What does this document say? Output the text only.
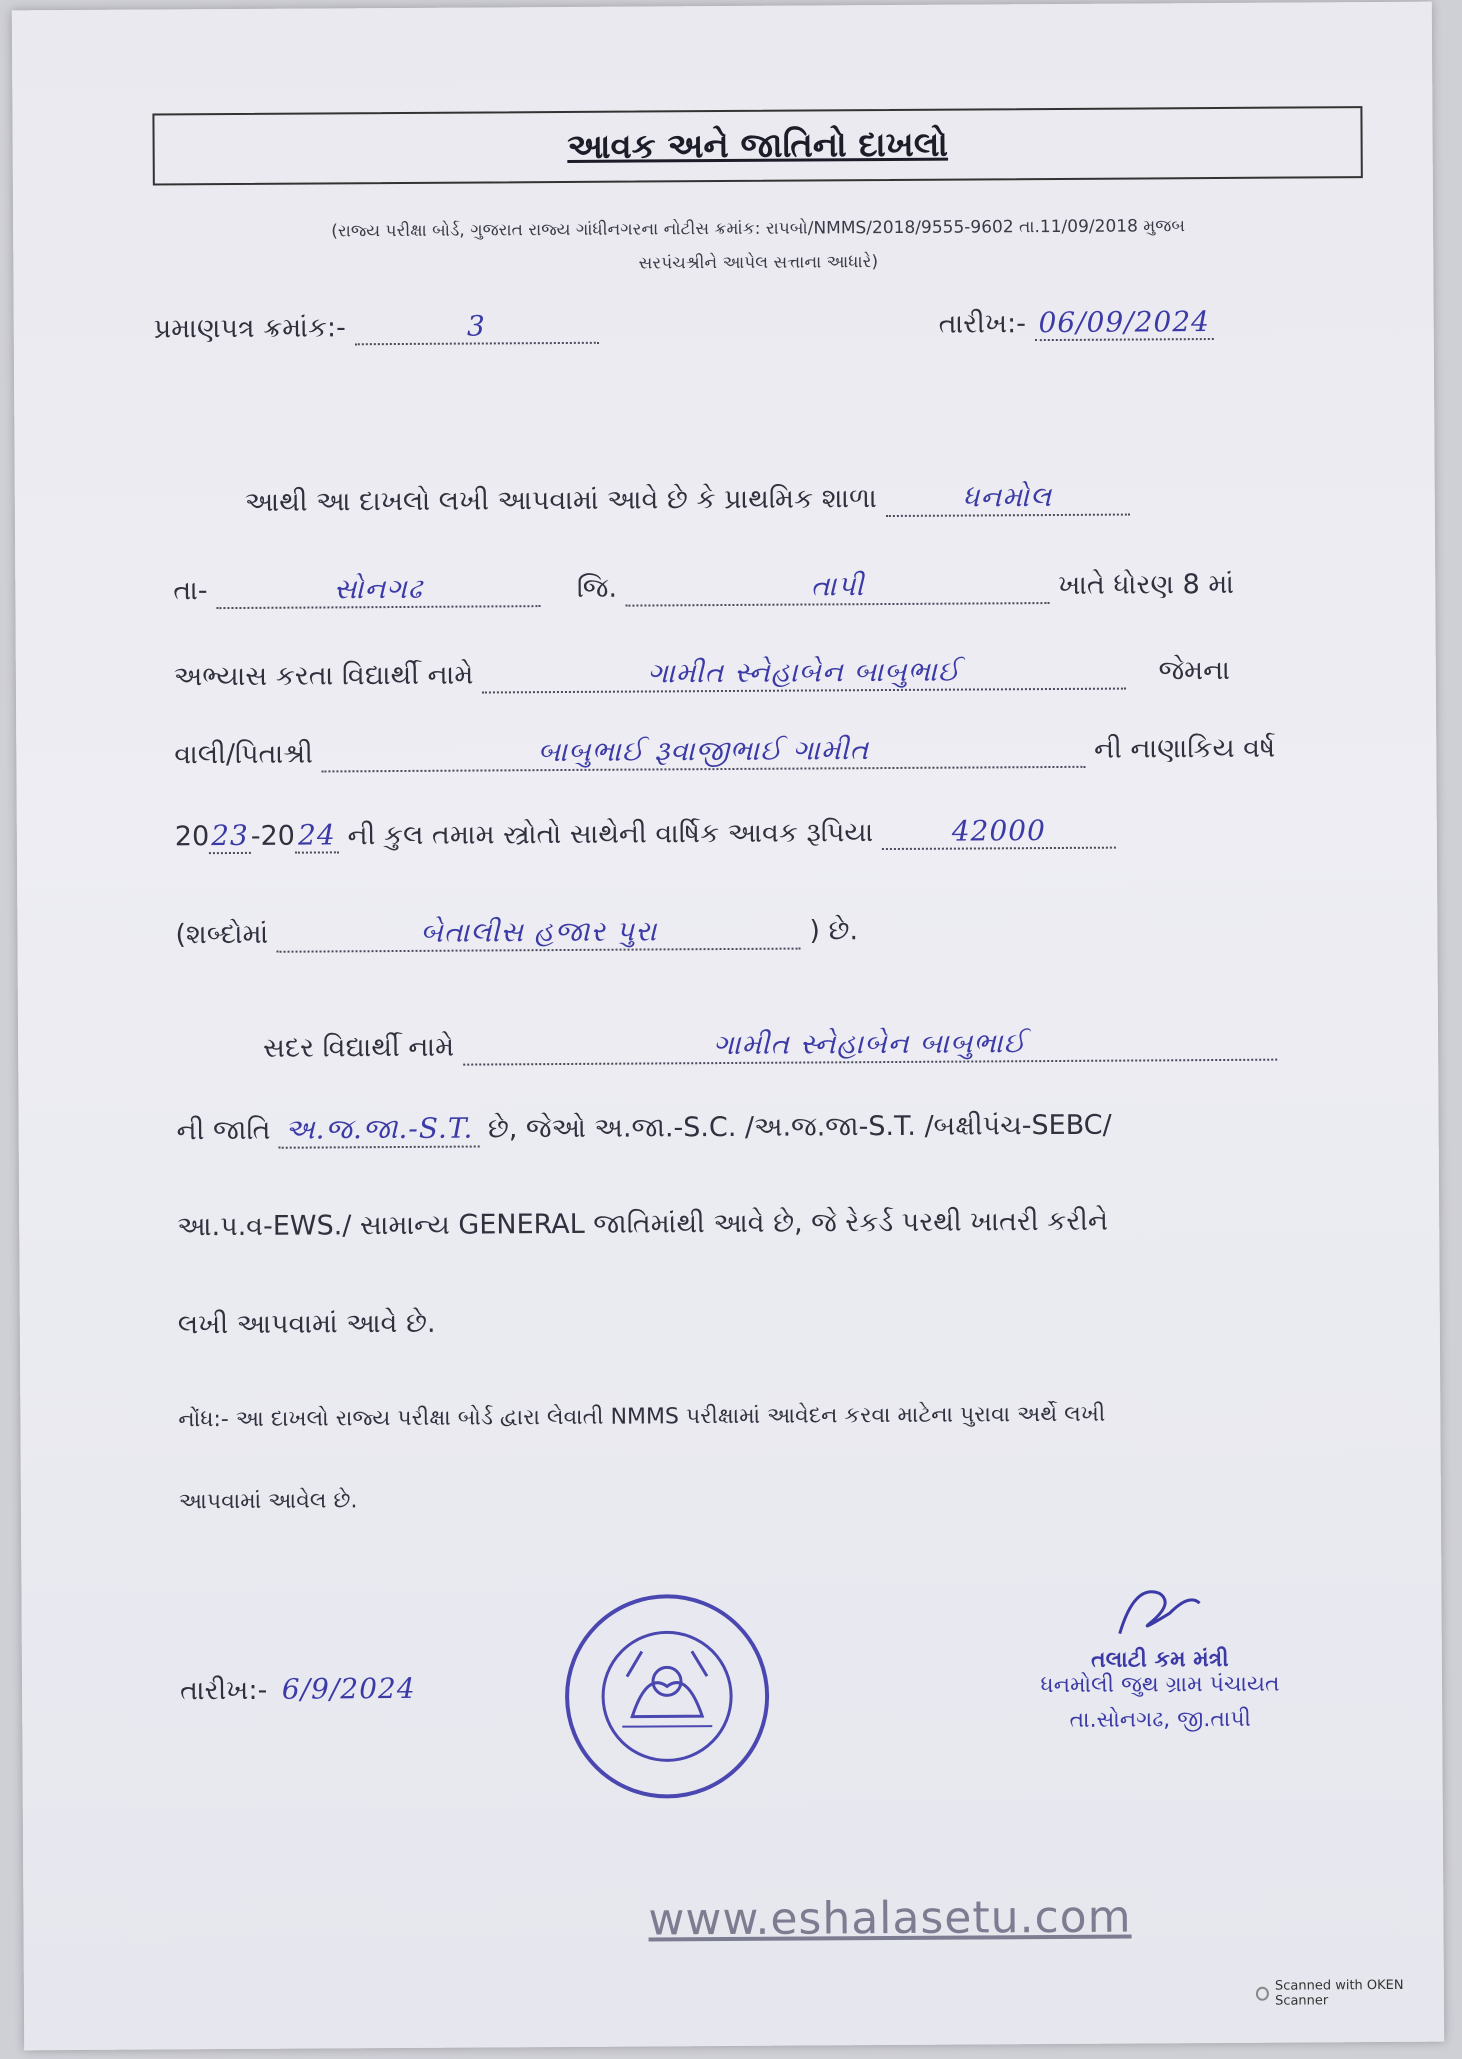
આવક અને જાતિનો દાખલો
(રાજ્ય પરીક્ષા બોર્ડ, ગુજરાત રાજ્ય ગાંધીનગરના નોટીસ ક્રમાંક: રાપબો/NMMS/2018/9555-9602 તા.11/09/2018 મુજબ
સરપંચશ્રીને આપેલ સત્તાના આધારે)
પ્રમાણપત્ર ક્રમાંક:-	3	તારીખ:- 06/09/2024
આથી આ દાખલો લખી આપવામાં આવે છે કે પ્રાથમિક શાળા	ધનમોલ
તા-	સોનગઢ	જિ.	તાપી	ખાતે ધોરણ 8 માં
અભ્યાસ કરતા વિદ્યાર્થી નામે	ગામીત સ્નેહાબેન બાબુભાઈ	જેમના
વાલી/પિતાશ્રી	બાબુભાઈ રૂવાજીભાઈ ગામીત	ની નાણાકિય વર્ષ
2023-20 24 ની કુલ તમામ સ્ત્રોતો સાથેની વાર્ષિક આવક રૂપિયા	42000
(શબ્દોમાં	બેતાલીસ હજાર પુરા	) છે.
સદર વિદ્યાર્થી નામે	ગામીત સ્નેહાબેન બાબુભાઈ
ની જાતિ અ.જ.જા.-S.T. છે, જેઓ અ.જા.-S.C. /અ.જ.જા-S.T. /બક્ષીપંચ-SEBC/
આ.પ.વ-EWS./ સામાન્ય GENERAL જાતિમાંથી આવે છે, જે રેકર્ડ પરથી ખાતરી કરીને
લખી આપવામાં આવે છે.
નોંધ:- આ દાખલો રાજ્ય પરીક્ષા બોર્ડ દ્વારા લેવાતી NMMS પરીક્ષામાં આવેદન કરવા માટેના પુરાવા અર્થે લખી
આપવામાં આવેલ છે.
તારીખ:- 6/9/2024
તલાટી કમ મંત્રી
ધનમોલી જુથ ગ્રામ પંચાયત
તા.સોનગઢ, જી.તાપી
www.eshalasetu.com
Scanned with OKEN Scanner
